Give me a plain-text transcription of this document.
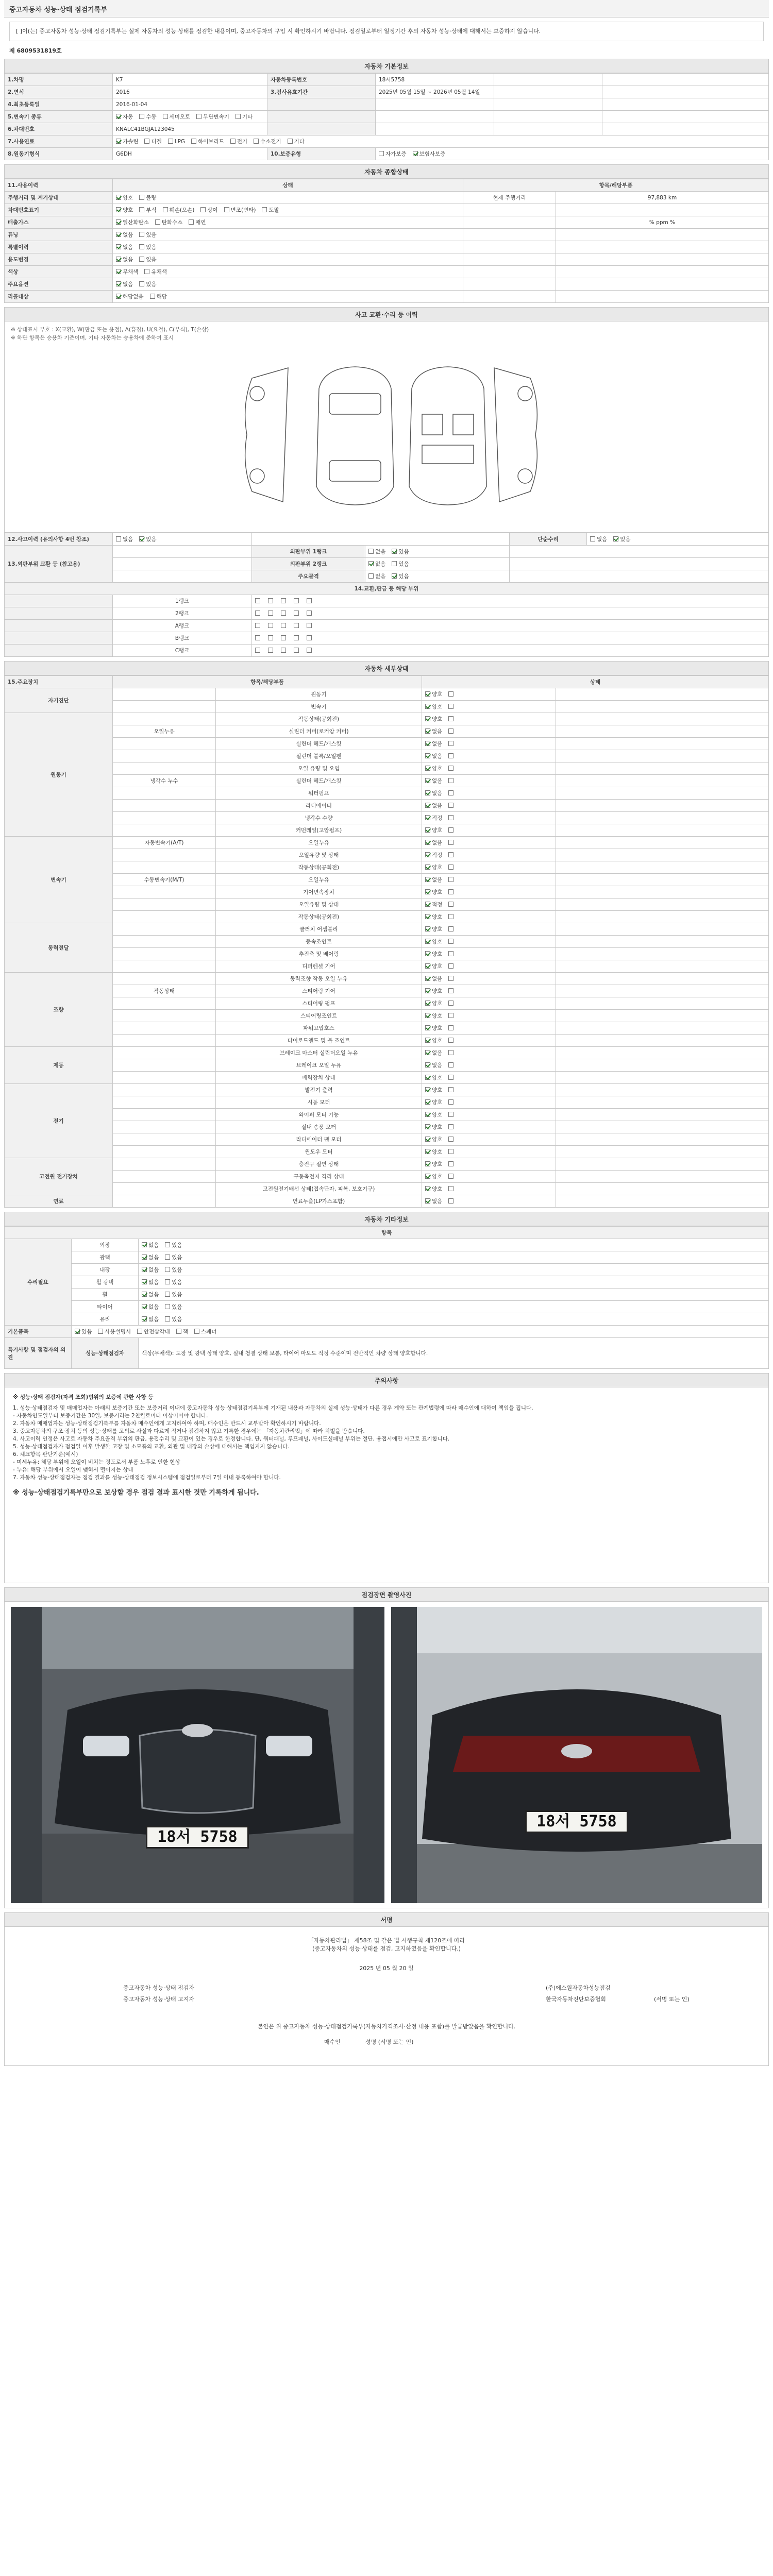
중고자동차 성능·상태 점검기록부
[ ]이(는) 중고자동차 성능·상태 점검기록부는 실제 자동차의 성능·상태를 점검한 내용이며, 중고자동차의 구입 시 확인하시기 바랍니다. 점검일로부터 일정기간 후의 자동차 성능·상태에 대해서는 보증하지 않습니다.
제 6809531819호
자동차 기본정보
1.차명	K7	자동차등록번호	18서5758		
2.연식	2016	3.검사유효기간	2025년 05월 15일 ~ 2026년 05월 14일		
4.최초등록일	2016-01-04				
5.변속기 종류	자동 수동 세미오토 무단변속기 기타				
6.차대번호	KNALC41BGJA123045				
7.사용연료	가솔린 디젤 LPG 하이브리드 전기 수소전기 기타				
8.원동기형식	G6DH	10.보증유형	자가보증 보험사보증		
자동차 종합상태
11.사용이력	상태	항목/해당부품	
주행거리 및 계기상태	양호 불량	현재 주행거리	97,883 km
차대번호표기	양호 부식 훼손(오손) 상이 변조(변타) 도말		
배출가스	일산화탄소 탄화수소 매연		% ppm %
튜닝	없음 있음		
특별이력	없음 있음		
용도변경	없음 있음		
색상	무채색 유채색		
주요옵션	없음 있음		
리콜대상	해당없음 해당		
사고 교환·수리 등 이력
※ 상태표시 부호 : X(교환), W(판금 또는 용접), A(흠집), U(요철), C(부식), T(손상)
※ 하단 항목은 승용차 기준이며, 기타 자동차는 승용차에 준하여 표시
12.사고이력 (유의사항 4번 참조)	없음 있음			단순수리	없음 있음
13.외판부위 교환 등 (참고용)		외판부위 1랭크	없음 있음		
		외판부위 2랭크	없음 있음		
		주요골격	없음 있음		
14.교환,판금 등 해당 부위					
	1랭크				
	2랭크				
	A랭크				
	B랭크				
	C랭크				
자동차 세부상태
15.주요장치	항목/해당부품		상태	
자기진단		원동기	양호	
		변속기	양호	
원동기		작동상태(공회전)	양호	
	오일누유	실린더 커버(로커암 커버)	없음	
		실린더 헤드/개스킷	없음	
		실린더 블록/오일팬	없음	
		오일 유량 및 오염	양호	
	냉각수 누수	실린더 헤드/개스킷	없음	
		워터펌프	없음	
		라디에이터	없음	
		냉각수 수량	적정	
		커먼레일(고압펌프)	양호	
변속기	자동변속기(A/T)	오일누유	없음	
		오일유량 및 상태	적정	
		작동상태(공회전)	양호	
	수동변속기(M/T)	오일누유	없음	
		기어변속장치	양호	
		오일유량 및 상태	적정	
		작동상태(공회전)	양호	
동력전달		클러치 어셈블리	양호	
		등속조인트	양호	
		추진축 및 베어링	양호	
		디퍼렌셜 기어	양호	
조향		동력조향 작동 오일 누유	없음	
	작동상태	스티어링 기어	양호	
		스티어링 펌프	양호	
		스티어링조인트	양호	
		파워고압호스	양호	
		타이로드엔드 및 볼 조인트	양호	
제동		브레이크 마스터 실린더오일 누유	없음	
		브레이크 오일 누유	없음	
		배력장치 상태	양호	
전기		발전기 출력	양호	
		시동 모터	양호	
		와이퍼 모터 기능	양호	
		실내 송풍 모터	양호	
		라디에이터 팬 모터	양호	
		윈도우 모터	양호	
고전원 전기장치		충전구 절연 상태	양호	
		구동축전지 격리 상태	양호	
		고전원전기배선 상태(접속단자, 피복, 보호기구)	양호	
연료		연료누출(LP가스포함)	없음	
자동차 기타정보
항목		
수리필요	외장	없음 있음
	광택	없음 있음
	내장	없음 있음
	휠 광택	없음 있음
	휠	없음 있음
	타이어	없음 있음
	유리	없음 있음
기본품목	있음 사용설명서 안전삼각대 잭 스패너	
특기사항 및 점검자의 의견	성능·상태점검자	색상(무채색): 도장 및 광택 상태 양호, 실내 청결 상태 보통, 타이어 마모도 적정 수준이며 전반적인 차량 상태 양호합니다.
주의사항
※ 성능·상태 점검자(자격 조회)범위의 보증에 관한 사항 등
1. 성능·상태점검자 및 매매업자는 아래의 보증기간 또는 보증거리 이내에 중고자동차 성능·상태점검기록부에 기재된 내용과 자동차의 실제 성능·상태가 다른 경우 계약 또는 관계법령에 따라 매수인에 대하여 책임을 집니다.
- 자동차인도일부터 보증기간은 30일, 보증거리는 2천킬로미터 이상이어야 합니다.
2. 자동차 매매업자는 성능·상태점검기록부를 자동차 매수인에게 고지하여야 하며, 매수인은 반드시 교부받아 확인하시기 바랍니다.
3. 중고자동차의 구조·장치 등의 성능·상태를 고의로 사실과 다르게 적거나 점검하지 않고 기록한 경우에는 「자동차관리법」에 따라 처벌을 받습니다.
4. 사고이력 인정은 사고로 자동차 주요골격 부위의 판금, 용접수리 및 교환이 있는 경우로 한정합니다. 단, 쿼터패널, 루프패널, 사이드실패널 부위는 절단, 용접시에만 사고로 표기합니다.
5. 성능·상태점검자가 점검일 이후 발생한 고장 및 소모품의 교환, 외관 및 내장의 손상에 대해서는 책임지지 않습니다.
6. 체크항목 판단기준(예시)
- 미세누유: 해당 부위에 오일이 비치는 정도로서 부품 노후로 인한 현상
- 누유: 해당 부위에서 오일이 맺혀서 떨어지는 상태
7. 자동차 성능·상태점검자는 점검 결과를 성능·상태점검 정보시스템에 점검일로부터 7일 이내 등록하여야 합니다.
※ 성능·상태점검기록부만으로 보상할 경우 점검 결과 표시한 것만 기록하게 됩니다.
점검장면 촬영사진
18서 5758
18서 5758
서명
「자동차관리법」 제58조 및 같은 법 시행규칙 제120조에 따라
(중고자동차의 성능·상태를 점검, 고지하였음을 확인합니다.)
2025 년 05 월 20 일
중고자동차 성능·상태 점검자	(주)에스원자동차성능점검
중고자동차 성능·상태 고지자	한국자동차진단보증협회	(서명 또는 인)
본인은 위 중고자동차 성능·상태점검기록부(자동차가격조사·산정 내용 포함)를 발급받았음을 확인합니다.
매수인	성명 (서명 또는 인)
